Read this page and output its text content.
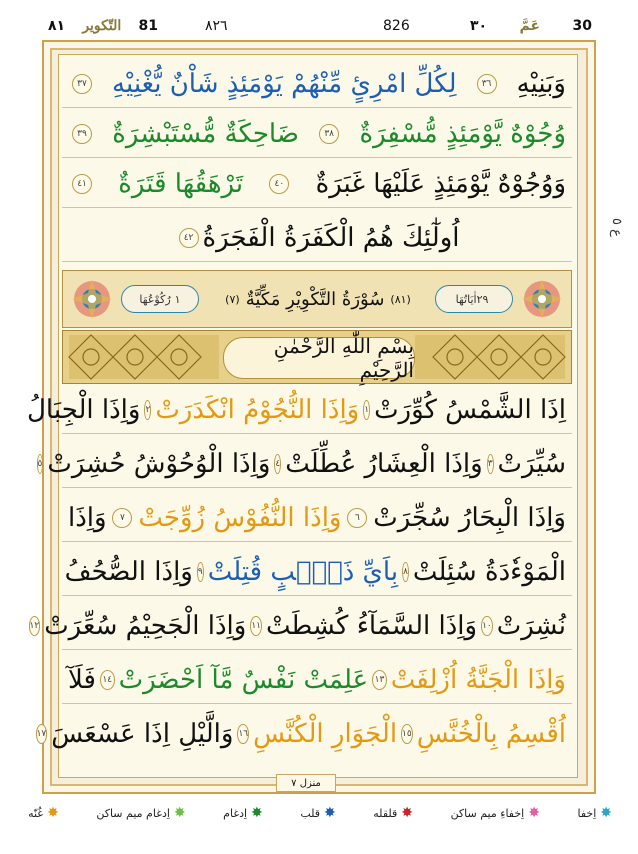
٨١ التّكوير 81	٨٢٦	826	٣٠ عَمَّ 30
وَبَنِيْهِ
٣٦
لِكُلِّ امْرِئٍ مِّنْهُمْ يَوْمَئِذٍ شَاْنٌ يُّغْنِيْهِ
٣٧
وُجُوْهٌ يَّوْمَئِذٍ مُّسْفِرَةٌ
٣٨
ضَاحِكَةٌ مُّسْتَبْشِرَةٌ
٣٩
وَوُجُوْهٌ يَّوْمَئِذٍ عَلَيْهَا غَبَرَةٌ
٤٠
تَرْهَقُهَا قَتَرَةٌ
٤١
اُولٰٓئِكَ هُمُ الْكَفَرَةُ الْفَجَرَةُ
٤٢
رُكُوْعُهَا ١	(٨١)
سُوْرَةُ التَّكْوِيْرِ مَكِّيَّةٌ
(٧)	اٰيَاتُهَا ٢٩
بِسْمِ اللّٰهِ الرَّحْمٰنِ الرَّحِيْمِ
اِذَا الشَّمْسُ كُوِّرَتْ
١
وَاِذَا النُّجُوْمُ انْكَدَرَتْ
٢
وَاِذَا الْجِبَالُ
سُيِّرَتْ
٣
وَاِذَا الْعِشَارُ عُطِّلَتْ
٤
وَاِذَا الْوُحُوْشُ حُشِرَتْ
٥
وَاِذَا الْبِحَارُ سُجِّرَتْ
٦
وَاِذَا النُّفُوْسُ زُوِّجَتْ
٧
وَاِذَا
الْمَوْءٗدَةُ سُئِلَتْ
٨
بِاَيِّ ذَنْۢبٍ قُتِلَتْ
٩
وَاِذَا الصُّحُفُ
نُشِرَتْ
١٠
وَاِذَا السَّمَآءُ كُشِطَتْ
١١
وَاِذَا الْجَحِيْمُ سُعِّرَتْ
١٢
وَاِذَا الْجَنَّةُ اُزْلِفَتْ
١٣
عَلِمَتْ نَفْسٌ مَّآ اَحْضَرَتْ
١٤
فَلَآ
اُقْسِمُ بِالْخُنَّسِ
١٥
الْجَوَارِ الْكُنَّسِ
١٦
وَالَّيْلِ اِذَا عَسْعَسَ
١٧
ع ٥
منزل ٧
✸
اِخفا
✸
اِخفاءِ میم ساکن
✸
قلقله
✸
قلب
✸
اِدغام
✸
اِدغام میم ساکن
✸
غُنّه
